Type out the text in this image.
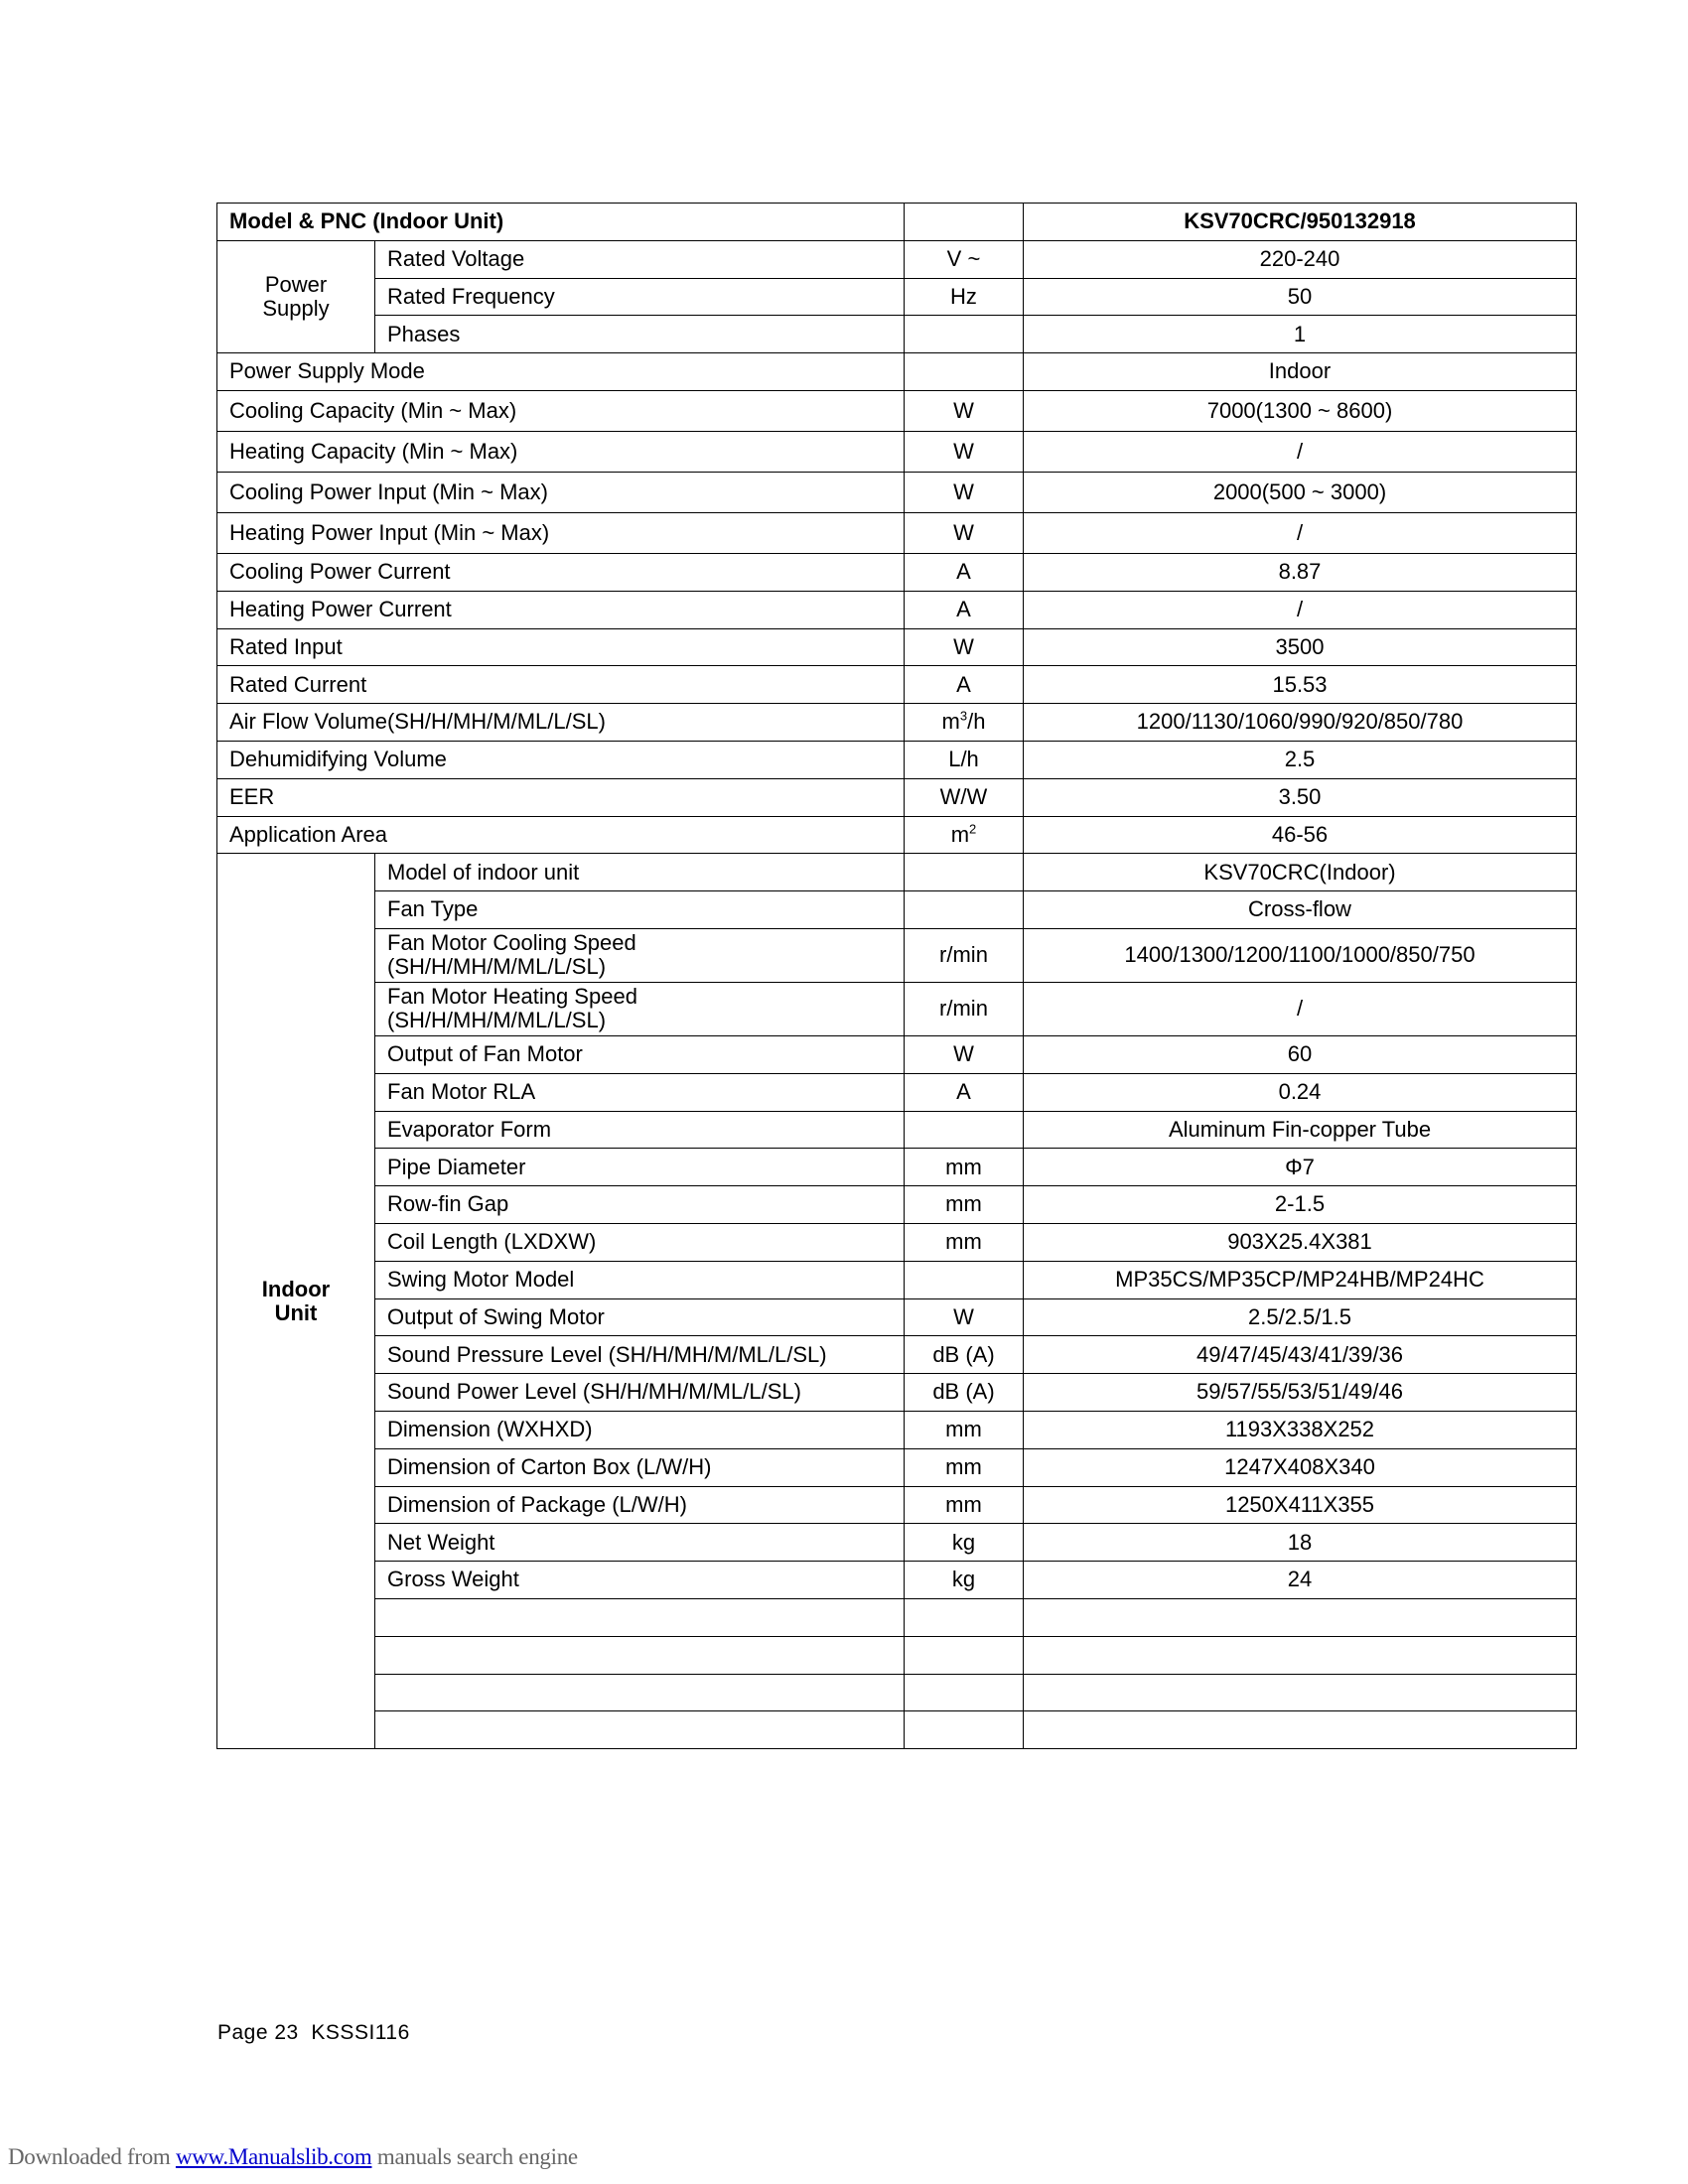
Model & PNC (Indoor Unit)			KSV70CRC/950132918
Power Supply	Rated Voltage	V ~	220-240
	Rated Frequency	Hz	50
	Phases		1
Power Supply Mode			Indoor
Cooling Capacity (Min ~ Max)		W	7000(1300 ~ 8600)
Heating Capacity (Min ~ Max)		W	/
Cooling Power Input (Min ~ Max)		W	2000(500 ~ 3000)
Heating Power Input (Min ~ Max)		W	/
Cooling Power Current		A	8.87
Heating Power Current		A	/
Rated Input		W	3500
Rated Current		A	15.53
Air Flow Volume(SH/H/MH/M/ML/L/SL)		$m^3/h$	1200/1130/1060/990/920/850/780
Dehumidifying Volume		L/h	2.5
EER		W/W	3.50
Application Area		$m^2$	46-56
Indoor
Unit	Model of indoor unit		KSV70CRC(Indoor)
	Fan Type		Cross-flow
	Fan Motor Cooling Speed
(SH/H/MH/M/ML/L/SL)	r/min	1400/1300/1200/1100/1000/850/750
	Fan Motor Heating Speed
(SH/H/MH/M/ML/L/SL)	r/min	/
	Output of Fan Motor	W	60
	Fan Motor RLA	A	0.24
	Evaporator Form		Aluminum Fin-copper Tube
	Pipe Diameter	mm	Φ7
	Row-fin Gap	mm	2-1.5
	Coil Length (LXDXW)	mm	903X25.4X381
	Swing Motor Model		MP35CS/MP35CP/MP24HB/MP24HC
	Output of Swing Motor	W	2.5/2.5/1.5
	Sound Pressure Level (SH/H/MH/M/ML/L/SL)	dB (A)	49/47/45/43/41/39/36
	Sound Power Level (SH/H/MH/M/ML/L/SL)	dB (A)	59/57/55/53/51/49/46
	Dimension (WXHXD)	mm	1193X338X252
	Dimension of Carton Box (L/W/H)	mm	1247X408X340
	Dimension of Package (L/W/H)	mm	1250X411X355
	Net Weight	kg	18
	Gross Weight	kg	24

Page 23 KSSSI116
Downloaded from www.Manualslib.com manuals search engine
